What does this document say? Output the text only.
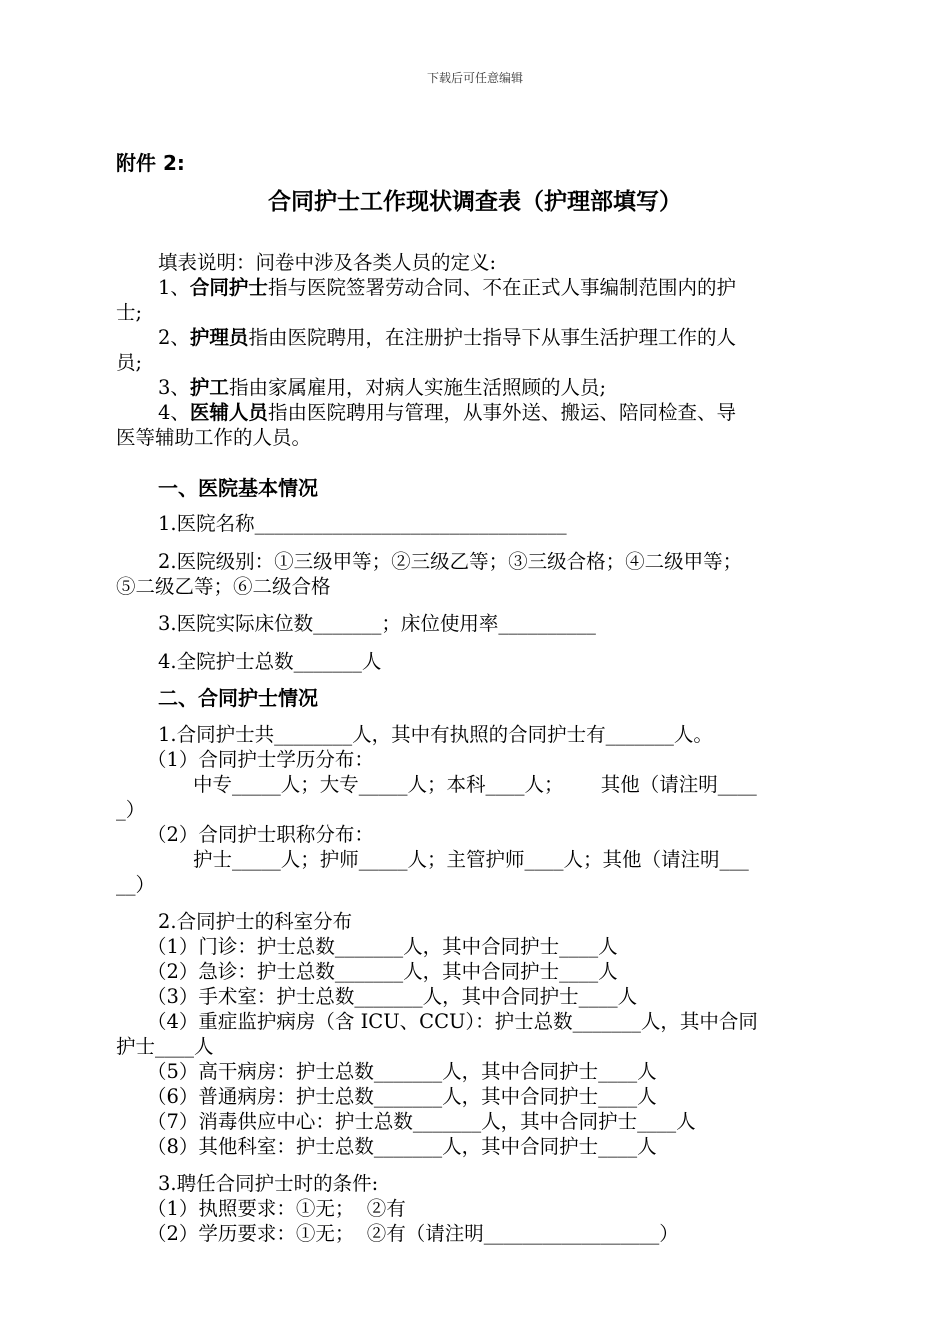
下载后可任意编辑
附件 2:
合同护士工作现状调查表（护理部填写）
填表说明：问卷中涉及各类人员的定义:
1、合同护士指与医院签署劳动合同、不在正式人事编制范围内的护
士;
2、护理员指由医院聘用，在注册护士指导下从事生活护理工作的人
员;
3、护工指由家属雇用，对病人实施生活照顾的人员;
4、医辅人员指由医院聘用与管理，从事外送、搬运、陪同检查、导
医等辅助工作的人员。
一、医院基本情况
1.医院名称________________________________
2.医院级别：①三级甲等；②三级乙等；③三级合格；④二级甲等；
⑤二级乙等；⑥二级合格
3.医院实际床位数_______；床位使用率__________
4.全院护士总数_______人
二、合同护士情况
1.合同护士共________人，其中有执照的合同护士有_______人。
（1）合同护士学历分布：
中专_____人；大专_____人；本科____人；      其他（请注明____
_）
（2）合同护士职称分布：
护士_____人；护师_____人；主管护师____人；其他（请注明___
__）
2.合同护士的科室分布
（1）门诊：护士总数_______人，其中合同护士____人
（2）急诊：护士总数_______人，其中合同护士____人
（3）手术室：护士总数_______人，其中合同护士____人
（4）重症监护病房（含 ICU、CCU）：护士总数_______人，其中合同
护士____人
（5）高干病房：护士总数_______人，其中合同护士____人
（6）普通病房：护士总数_______人，其中合同护士____人
（7）消毒供应中心：护士总数_______人，其中合同护士____人
（8）其他科室：护士总数_______人，其中合同护士____人
3.聘任合同护士时的条件:
（1）执照要求：①无；  ②有
（2）学历要求：①无；  ②有（请注明__________________）
